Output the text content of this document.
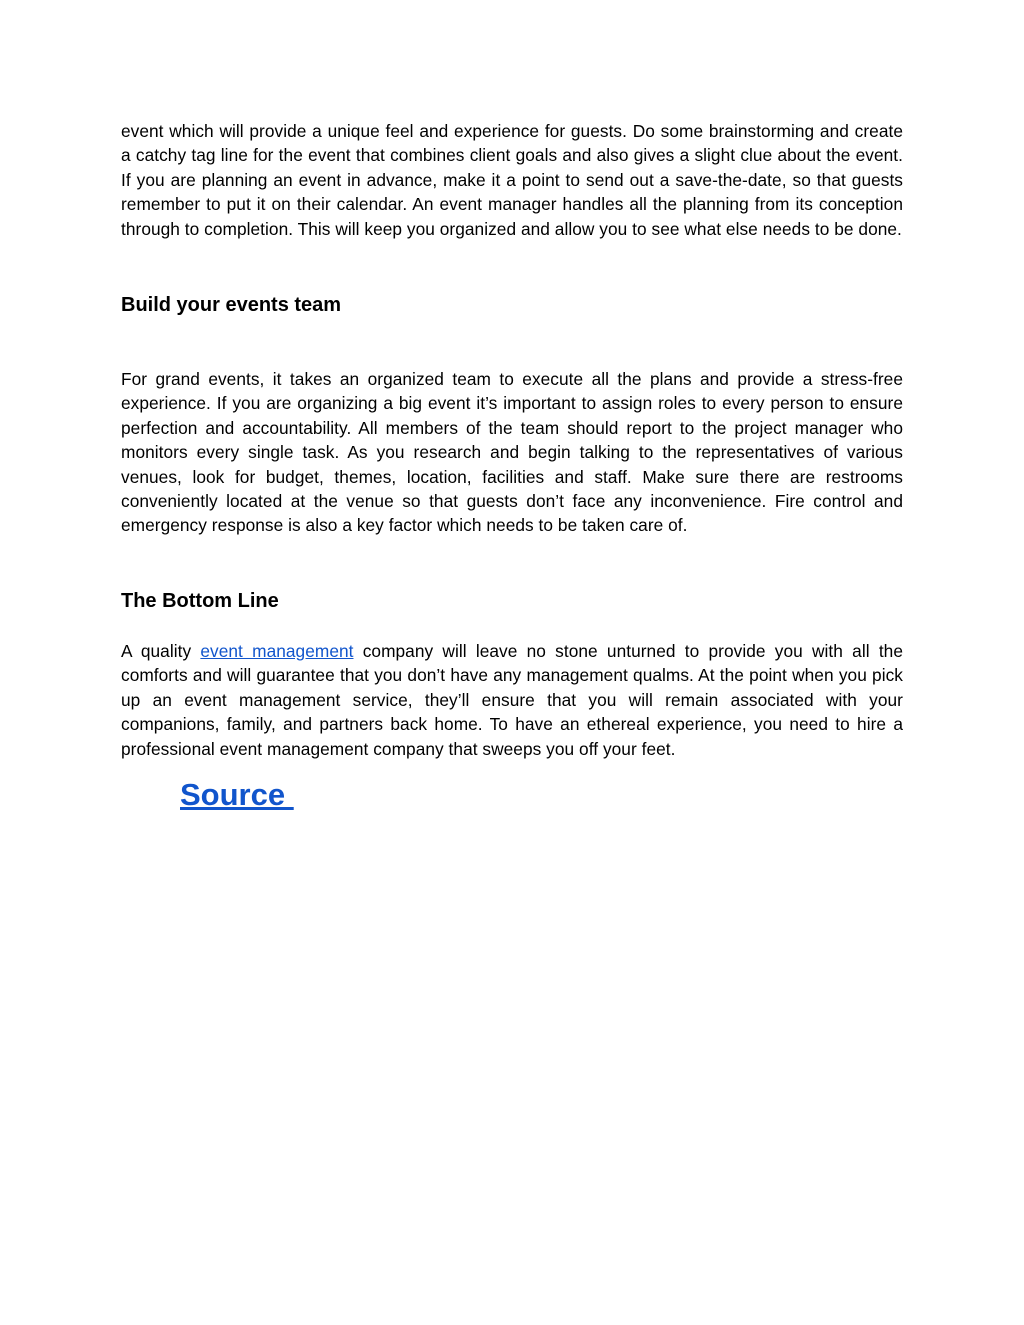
event which will provide a unique feel and experience for guests. Do some brainstorming and create a catchy tag line for the event that combines client goals and also gives a slight clue about the event. If you are planning an event in advance, make it a point to send out a save-the-date, so that guests remember to put it on their calendar. An event manager handles all the planning from its conception through to completion. This will keep you organized and allow you to see what else needs to be done.

Build your events team

For grand events, it takes an organized team to execute all the plans and provide a stress-free experience. If you are organizing a big event it’s important to assign roles to every person to ensure perfection and accountability. All members of the team should report to the project manager who monitors every single task. As you research and begin talking to the representatives of various venues, look for budget, themes, location, facilities and staff. Make sure there are restrooms conveniently located at the venue so that guests don’t face any inconvenience. Fire control and emergency response is also a key factor which needs to be taken care of.

The Bottom Line

A quality event management company will leave no stone unturned to provide you with all the comforts and will guarantee that you don’t have any management qualms. At the point when you pick up an event management service, they’ll ensure that you will remain associated with your companions, family, and partners back home. To have an ethereal experience, you need to hire a professional event management company that sweeps you off your feet.

Source
